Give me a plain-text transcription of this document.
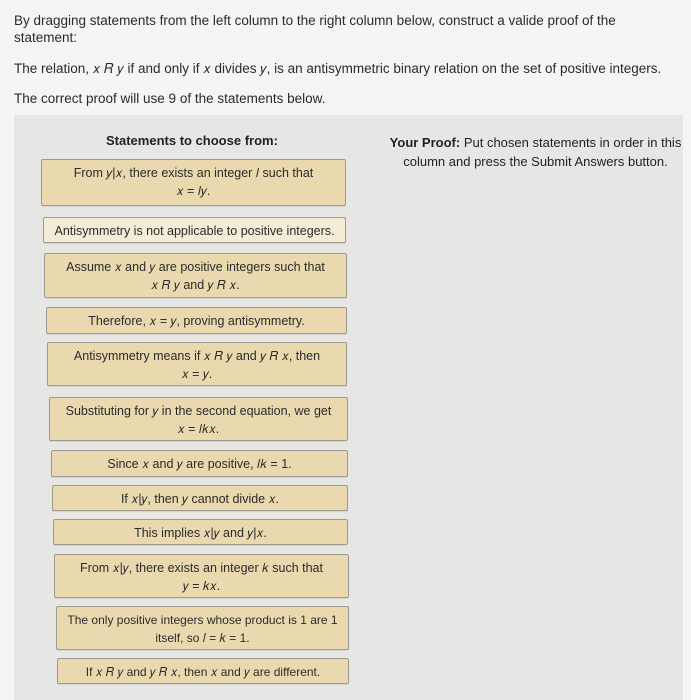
By dragging statements from the left column to the right column below, construct a valide proof of the statement:

The relation, 𝑥 𝑅 𝑦 if and only if 𝑥 divides 𝑦, is an antisymmetric binary relation on the set of positive integers.

The correct proof will use 9 of the statements below.

Statements to choose from:	Your Proof: Put chosen statements in order in this column and press the Submit Answers button.
From 𝑦|𝑥, there exists an integer 𝑙 such that
𝑥 = 𝑙𝑦.
Antisymmetry is not applicable to positive integers.
Assume 𝑥 and 𝑦 are positive integers such that
𝑥 𝑅 𝑦 and 𝑦 𝑅 𝑥.
Therefore, 𝑥 = 𝑦, proving antisymmetry.
Antisymmetry means if 𝑥 𝑅 𝑦 and 𝑦 𝑅 𝑥, then
𝑥 = 𝑦.
Substituting for 𝑦 in the second equation, we get
𝑥 = 𝑙𝑘𝑥.
Since 𝑥 and 𝑦 are positive, 𝑙𝑘 = 1.
If 𝑥|𝑦, then 𝑦 cannot divide 𝑥.
This implies 𝑥|𝑦 and 𝑦|𝑥.
From 𝑥|𝑦, there exists an integer 𝑘 such that
𝑦 = 𝑘𝑥.
The only positive integers whose product is 1 are 1
itself, so 𝑙 = 𝑘 = 1.
If 𝑥 𝑅 𝑦 and 𝑦 𝑅 𝑥, then 𝑥 and 𝑦 are different.
